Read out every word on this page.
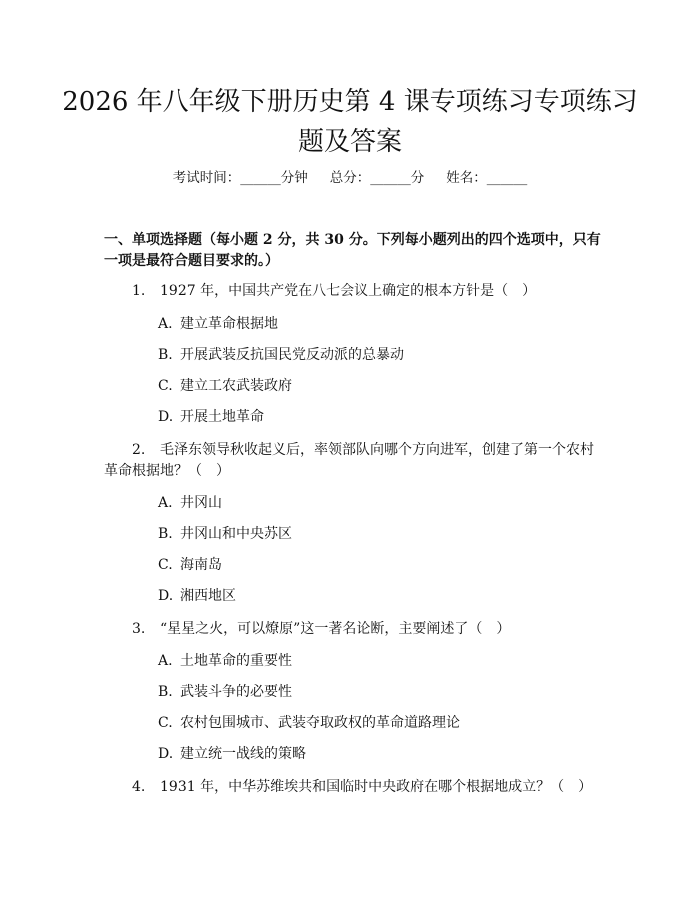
2026 年八年级下册历史第 4 课专项练习专项练习题及答案
考试时间：______分钟 总分：______分 姓名：______
一、单项选择题（每小题 2 分，共 30 分。下列每小题列出的四个选项中，只有一项是最符合题目要求的。）
1. 1927 年，中国共产党在八七会议上确定的根本方针是（　）
A. 建立革命根据地
B. 开展武装反抗国民党反动派的总暴动
C. 建立工农武装政府
D. 开展土地革命
2. 毛泽东领导秋收起义后，率领部队向哪个方向进军，创建了第一个农村革命根据地？（　）
A. 井冈山
B. 井冈山和中央苏区
C. 海南岛
D. 湘西地区
3. “星星之火，可以燎原”这一著名论断，主要阐述了（　）
A. 土地革命的重要性
B. 武装斗争的必要性
C. 农村包围城市、武装夺取政权的革命道路理论
D. 建立统一战线的策略
4. 1931 年，中华苏维埃共和国临时中央政府在哪个根据地成立？（　）
